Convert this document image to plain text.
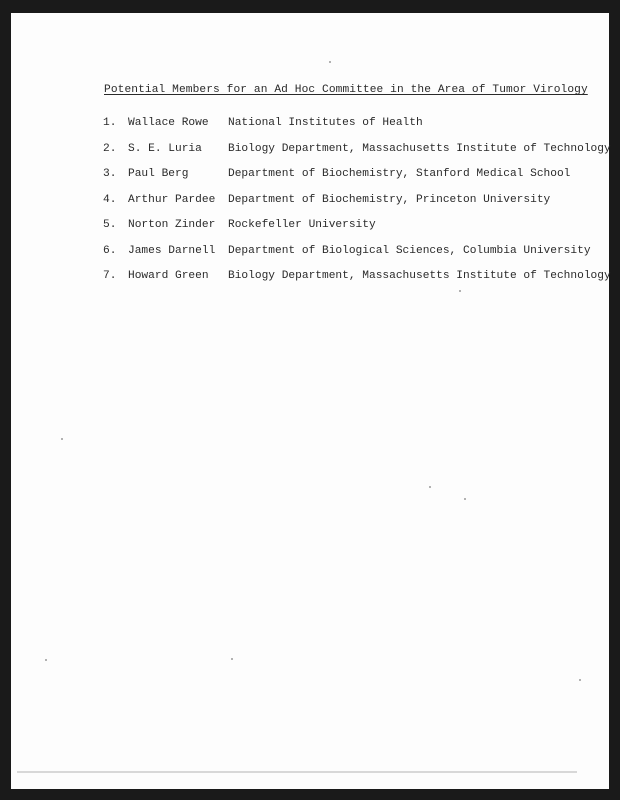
Potential Members for an Ad Hoc Committee in the Area of Tumor Virology
1. Wallace Rowe National Institutes of Health
2. S. E. Luria Biology Department, Massachusetts Institute of Technology
3. Paul Berg	Department of Biochemistry, Stanford Medical School
4. Arthur Pardee Department of Biochemistry, Princeton University
5. Norton Zinder Rockefeller University
6. James Darnell Department of Biological Sciences, Columbia University
7. Howard Green Biology Department, Massachusetts Institute of Technology
